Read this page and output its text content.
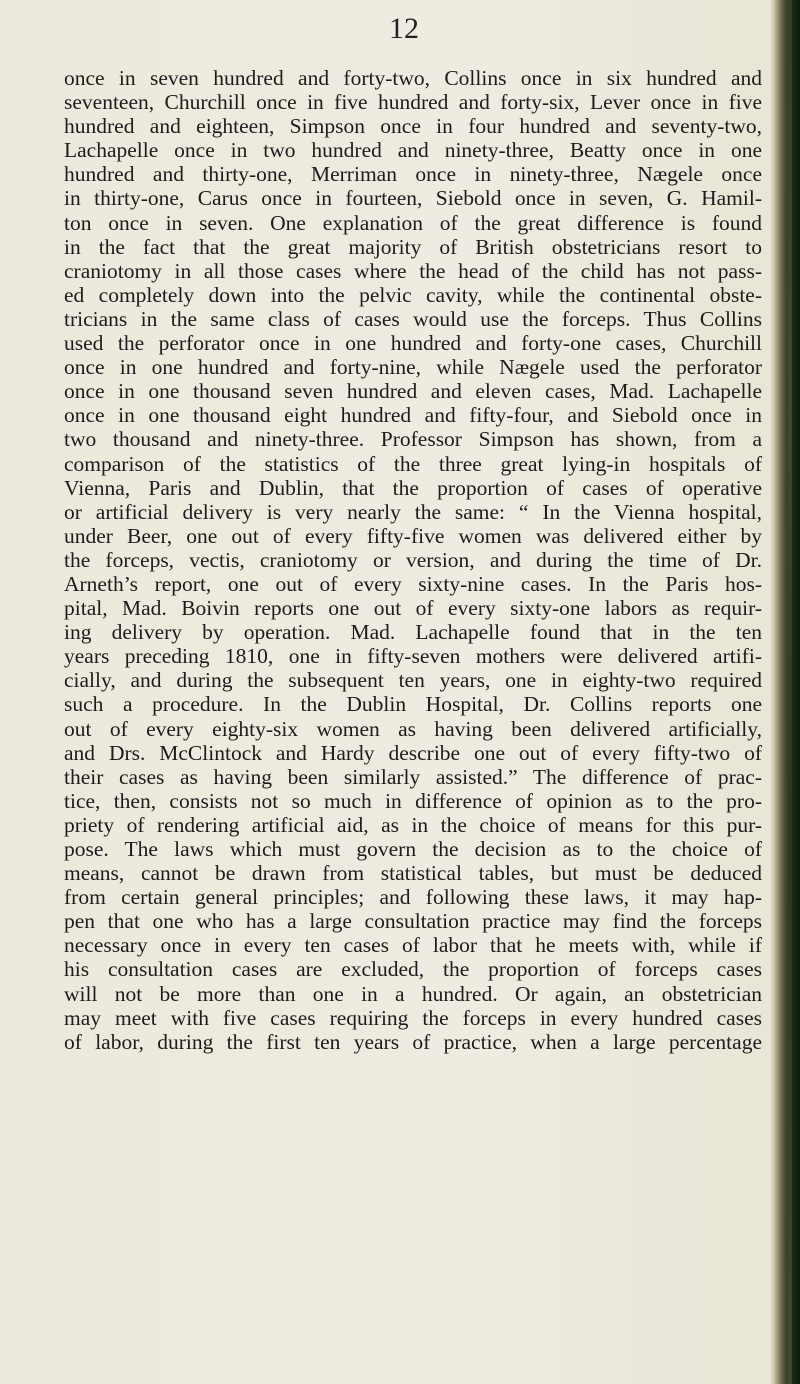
12
once in seven hundred and forty-two, Collins once in six hundred and
seventeen, Churchill once in five hundred and forty-six, Lever once in five
hundred and eighteen, Simpson once in four hundred and seventy-two,
Lachapelle once in two hundred and ninety-three, Beatty once in one
hundred and thirty-one, Merriman once in ninety-three, Nægele once
in thirty-one, Carus once in fourteen, Siebold once in seven, G. Hamil-
ton once in seven. One explanation of the great difference is found
in the fact that the great majority of British obstetricians resort to
craniotomy in all those cases where the head of the child has not pass-
ed completely down into the pelvic cavity, while the continental obste-
tricians in the same class of cases would use the forceps. Thus Collins
used the perforator once in one hundred and forty-one cases, Churchill
once in one hundred and forty-nine, while Nægele used the perforator
once in one thousand seven hundred and eleven cases, Mad. Lachapelle
once in one thousand eight hundred and fifty-four, and Siebold once in
two thousand and ninety-three. Professor Simpson has shown, from a
comparison of the statistics of the three great lying-in hospitals of
Vienna, Paris and Dublin, that the proportion of cases of operative
or artificial delivery is very nearly the same: “ In the Vienna hospital,
under Beer, one out of every fifty-five women was delivered either by
the forceps, vectis, craniotomy or version, and during the time of Dr.
Arneth’s report, one out of every sixty-nine cases. In the Paris hos-
pital, Mad. Boivin reports one out of every sixty-one labors as requir-
ing delivery by operation. Mad. Lachapelle found that in the ten
years preceding 1810, one in fifty-seven mothers were delivered artifi-
cially, and during the subsequent ten years, one in eighty-two required
such a procedure. In the Dublin Hospital, Dr. Collins reports one
out of every eighty-six women as having been delivered artificially,
and Drs. McClintock and Hardy describe one out of every fifty-two of
their cases as having been similarly assisted.” The difference of prac-
tice, then, consists not so much in difference of opinion as to the pro-
priety of rendering artificial aid, as in the choice of means for this pur-
pose. The laws which must govern the decision as to the choice of
means, cannot be drawn from statistical tables, but must be deduced
from certain general principles; and following these laws, it may hap-
pen that one who has a large consultation practice may find the forceps
necessary once in every ten cases of labor that he meets with, while if
his consultation cases are excluded, the proportion of forceps cases
will not be more than one in a hundred. Or again, an obstetrician
may meet with five cases requiring the forceps in every hundred cases
of labor, during the first ten years of practice, when a large percentage
